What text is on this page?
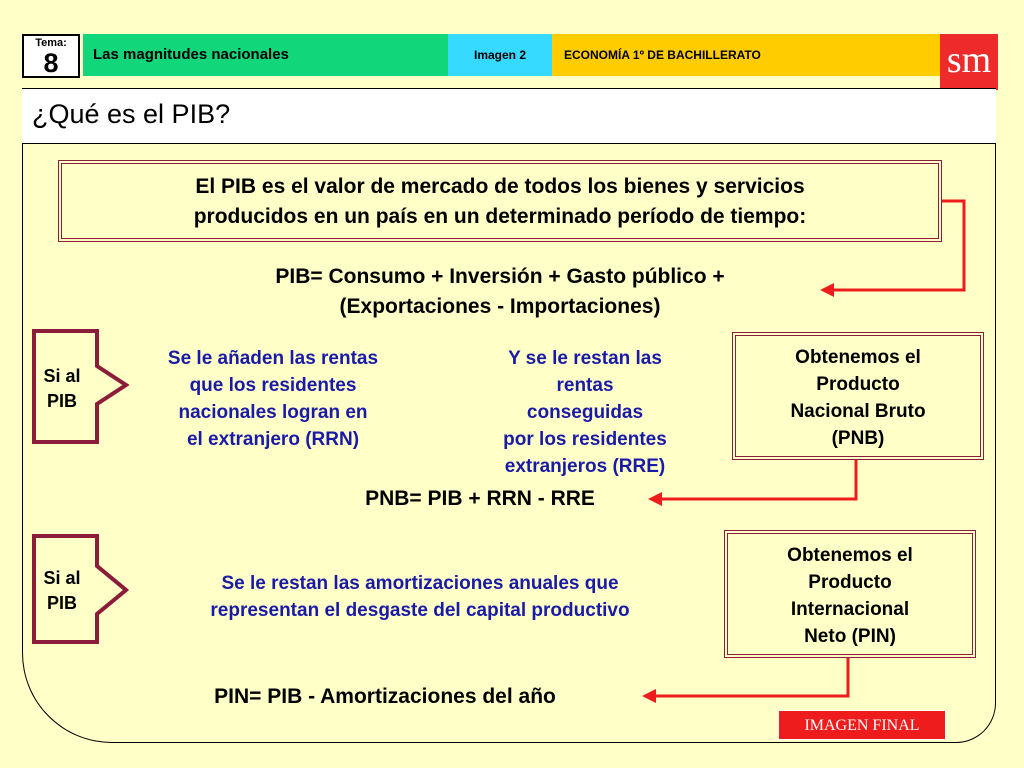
Tema:
8	Las magnitudes nacionales	Imagen 2	ECONOMÍA 1º DE BACHILLERATO	sm
¿Qué es el PIB?
El PIB es el valor de mercado de todos los bienes y servicios
producidos en un país en un determinado período de tiempo:
PIB= Consumo + Inversión + Gasto público +
(Exportaciones - Importaciones)
Si al
PIB
Se le añaden las rentas
que los residentes
nacionales logran en
el extranjero (RRN)
Y se le restan las
rentas
conseguidas
por los residentes
extranjeros (RRE)
Obtenemos el
Producto
Nacional Bruto
(PNB)
PNB= PIB + RRN - RRE
Si al
PIB
Se le restan las amortizaciones anuales que
representan el desgaste del capital productivo
Obtenemos el
Producto
Internacional
Neto (PIN)
PIN= PIB - Amortizaciones del año
IMAGEN FINAL
